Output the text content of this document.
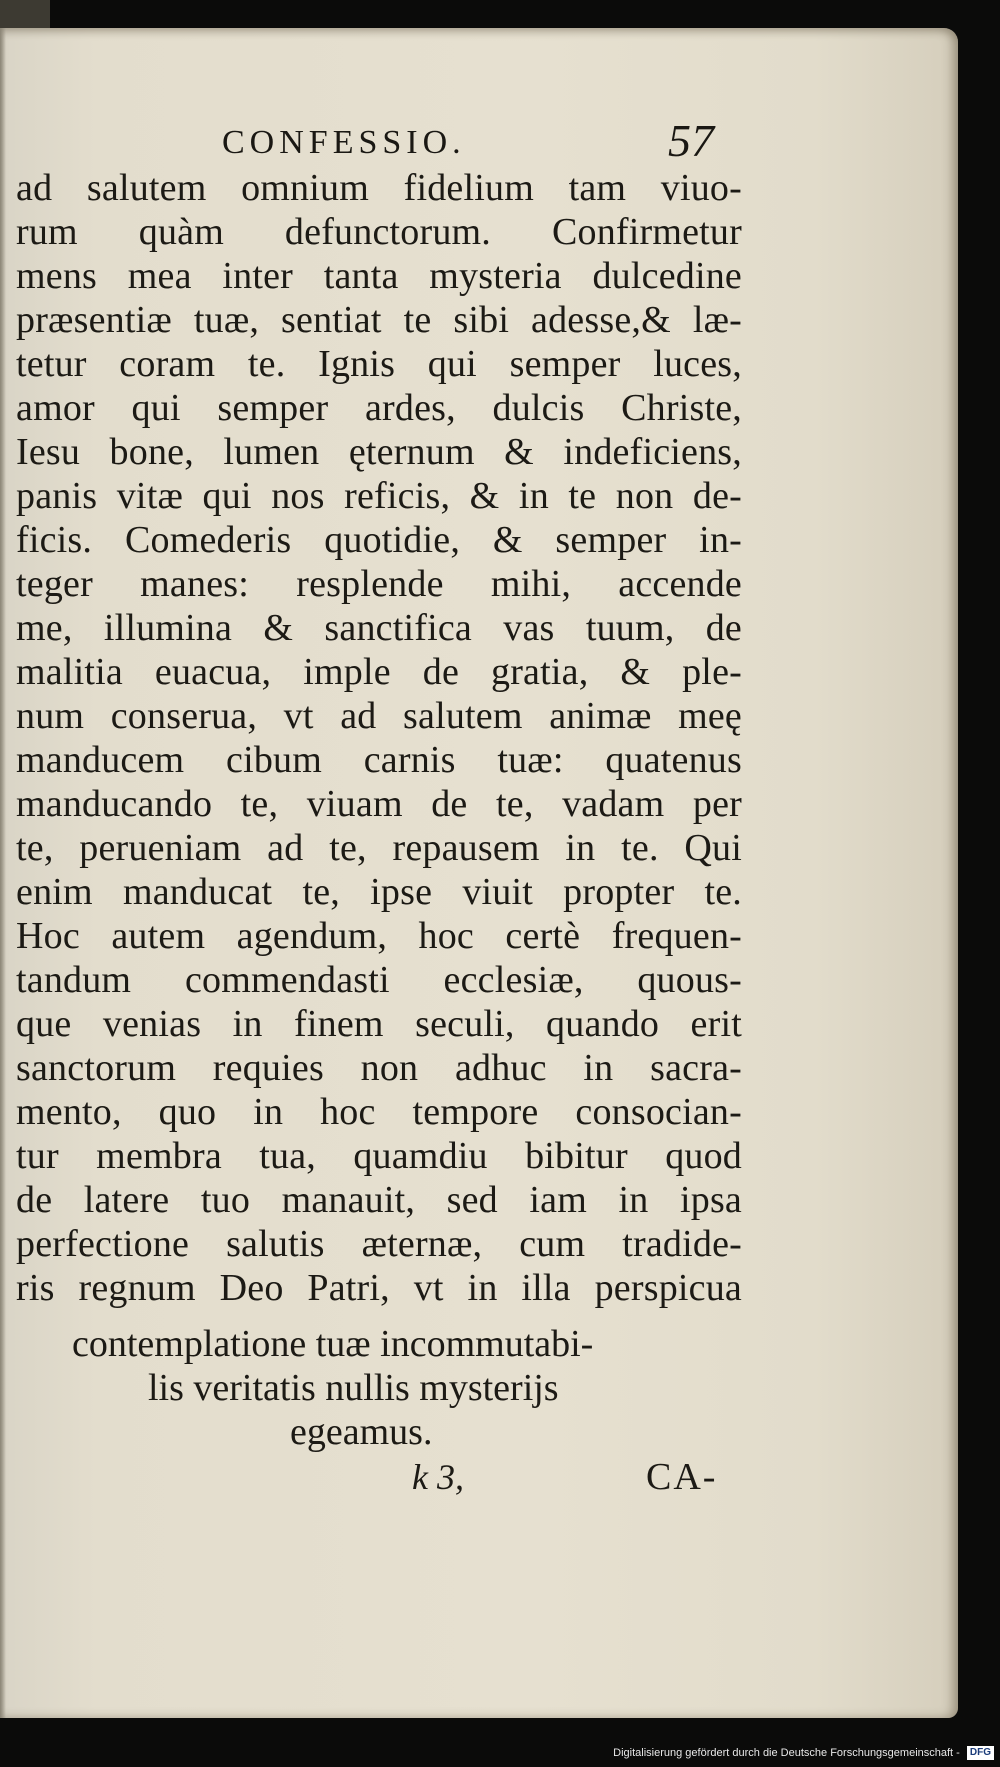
CONFESSIO.	57
ad salutem omnium fidelium tam viuo-
rum quàm defunctorum. Confirmetur
mens mea inter tanta mysteria dulcedine
præsentiæ tuæ, sentiat te sibi adesse,& læ-
tetur coram te. Ignis qui semper luces,
amor qui semper ardes, dulcis Christe,
Iesu bone, lumen ęternum & indeficiens,
panis vitæ qui nos reficis, & in te non de-
ficis. Comederis quotidie, & semper in-
teger manes: resplende mihi, accende
me, illumina & sanctifica vas tuum, de
malitia euacua, imple de gratia, & ple-
num conserua, vt ad salutem animæ meę
manducem cibum carnis tuæ: quatenus
manducando te, viuam de te, vadam per
te, perueniam ad te, repausem in te. Qui
enim manducat te, ipse viuit propter te.
Hoc autem agendum, hoc certè frequen-
tandum commendasti ecclesiæ, quous-
que venias in finem seculi, quando erit
sanctorum requies non adhuc in sacra-
mento, quo in hoc tempore consocian-
tur membra tua, quamdiu bibitur quod
de latere tuo manauit, sed iam in ipsa
perfectione salutis æternæ, cum tradide-
ris regnum Deo Patri, vt in illa perspicua
contemplatione tuæ incommutabi-
lis veritatis nullis mysterijs
egeamus.
k 3,	CA-
Digitalisierung gefördert durch die Deutsche Forschungsgemeinschaft - DFG
